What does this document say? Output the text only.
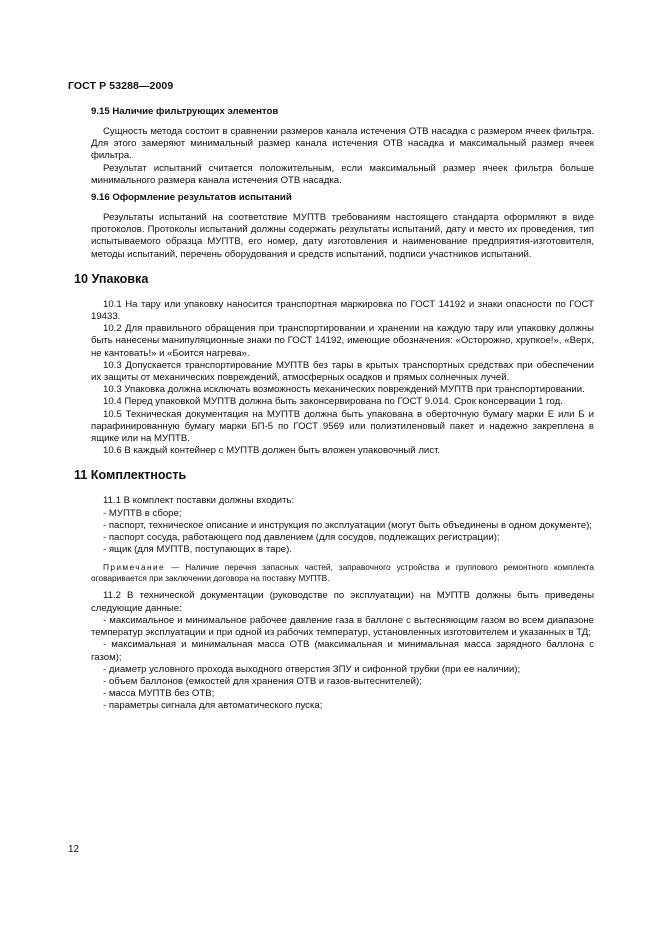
ГОСТ Р 53288—2009
9.15 Наличие фильтрующих элементов

Сущность метода состоит в сравнении размеров канала истечения ОТВ насадка с размером ячеек фильтра. Для этого замеряют минимальный размер канала истечения ОТВ насадка и максимальный размер ячеек фильтра.

Результат испытаний считается положительным, если максимальный размер ячеек фильтра больше минимального размера канала истечения ОТВ насадка.

9.16 Оформление результатов испытаний

Результаты испытаний на соответствие МУПТВ требованиям настоящего стандарта оформляют в виде протоколов. Протоколы испытаний должны содержать результаты испытаний, дату и место их проведения, тип испытываемого образца МУПТВ, его номер, дату изготовления и наименование предприятия-изготовителя, методы испытаний, перечень оборудования и средств испытаний, подписи участников испытаний.

10 Упаковка

10.1 На тару или упаковку наносится транспортная маркировка по ГОСТ 14192 и знаки опасности по ГОСТ 19433.

10.2 Для правильного обращения при транспортировании и хранении на каждую тару или упаковку должны быть нанесены манипуляционные знаки по ГОСТ 14192, имеющие обозначения: «Осторожно, хрупкое!», «Верх, не кантовать!» и «Боится нагрева».

10.3 Допускается транспортирование МУПТВ без тары в крытых транспортных средствах при обеспечении их защиты от механических повреждений, атмосферных осадков и прямых солнечных лучей.

10.3 Упаковка должна исключать возможность механических повреждений МУПТВ при транспортировании.

10.4 Перед упаковкой МУПТВ должна быть законсервирована по ГОСТ 9.014. Срок консервации 1 год.

10.5 Техническая документация на МУПТВ должна быть упакована в оберточную бумагу марки Е или Б и парафинированную бумагу марки БП-5 по ГОСТ 9569 или полиэтиленовый пакет и надежно закреплена в ящике или на МУПТВ.

10.6 В каждый контейнер с МУПТВ должен быть вложен упаковочный лист.

11 Комплектность

11.1 В комплект поставки должны входить:

- МУПТВ в сборе;

- паспорт, техническое описание и инструкция по эксплуатации (могут быть объединены в одном документе);

- паспорт сосуда, работающего под давлением (для сосудов, подлежащих регистрации);

- ящик (для МУПТВ, поступающих в таре).

Примечание — Наличие перечня запасных частей, заправочного устройства и группового ремонтного комплекта оговаривается при заключении договора на поставку МУПТВ.

11.2 В технической документации (руководстве по эксплуатации) на МУПТВ должны быть приведены следующие данные:

- максимальное и минимальное рабочее давление газа в баллоне с вытесняющим газом во всем диапазоне температур эксплуатации и при одной из рабочих температур, установленных изготовителем и указанных в ТД;

- максимальная и минимальная масса ОТВ (максимальная и минимальная масса зарядного баллона с газом);

- диаметр условного прохода выходного отверстия ЗПУ и сифонной трубки (при ее наличии);

- объем баллонов (емкостей для хранения ОТВ и газов-вытеснителей);

- масса МУПТВ без ОТВ;

- параметры сигнала для автоматического пуска;

12
